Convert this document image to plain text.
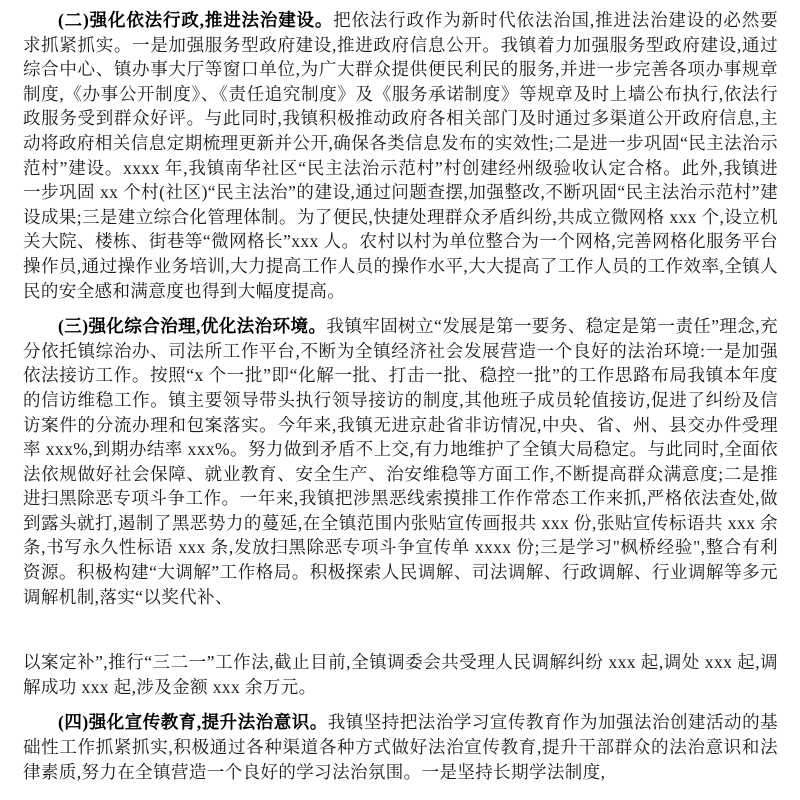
(二)强化依法行政,推进法治建设。把依法行政作为新时代依法治国,推进法治建设的必然要求抓紧抓实。一是加强服务型政府建设,推进政府信息公开。我镇着力加强服务型政府建设,通过综合中心、镇办事大厅等窗口单位,为广大群众提供便民利民的服务,并进一步完善各项办事规章制度,《办事公开制度》、《责任追究制度》及《服务承诺制度》等规章及时上墙公布执行,依法行政服务受到群众好评。与此同时,我镇积极推动政府各相关部门及时通过多渠道公开政府信息,主动将政府相关信息定期梳理更新并公开,确保各类信息发布的实效性;二是进一步巩固“民主法治示范村”建设。xxxx 年,我镇南华社区“民主法治示范村”村创建经州级验收认定合格。此外,我镇进一步巩固 xx 个村(社区)“民主法治”的建设,通过问题查摆,加强整改,不断巩固“民主法治示范村”建设成果;三是建立综合化管理体制。为了便民,快捷处理群众矛盾纠纷,共成立微网格 xxx 个,设立机关大院、楼栋、街巷等“微网格长”xxx 人。农村以村为单位整合为一个网格,完善网格化服务平台操作员,通过操作业务培训,大力提高工作人员的操作水平,大大提高了工作人员的工作效率,全镇人民的安全感和满意度也得到大幅度提高。

(三)强化综合治理,优化法治环境。我镇牢固树立“发展是第一要务、稳定是第一责任”理念,充分依托镇综治办、司法所工作平台,不断为全镇经济社会发展营造一个良好的法治环境:一是加强依法接访工作。按照“x 个一批”即“化解一批、打击一批、稳控一批”的工作思路布局我镇本年度的信访维稳工作。镇主要领导带头执行领导接访的制度,其他班子成员轮值接访,促进了纠纷及信访案件的分流办理和包案落实。今年来,我镇无进京赴省非访情况,中央、省、州、县交办件受理率 xxx%,到期办结率 xxx%。努力做到矛盾不上交,有力地维护了全镇大局稳定。与此同时,全面依法依规做好社会保障、就业教育、安全生产、治安维稳等方面工作,不断提高群众满意度;二是推进扫黑除恶专项斗争工作。一年来,我镇把涉黑恶线索摸排工作作常态工作来抓,严格依法查处,做到露头就打,遏制了黑恶势力的蔓延,在全镇范围内张贴宣传画报共 xxx 份,张贴宣传标语共 xxx 余条,书写永久性标语 xxx 条,发放扫黑除恶专项斗争宣传单 xxxx 份;三是学习"枫桥经验",整合有利资源。积极构建“大调解”工作格局。积极探索人民调解、司法调解、行政调解、行业调解等多元调解机制,落实“以奖代补、

以案定补”,推行“三二一”工作法,截止目前,全镇调委会共受理人民调解纠纷 xxx 起,调处 xxx 起,调解成功 xxx 起,涉及金额 xxx 余万元。

(四)强化宣传教育,提升法治意识。我镇坚持把法治学习宣传教育作为加强法治创建活动的基础性工作抓紧抓实,积极通过各种渠道各种方式做好法治宣传教育,提升干部群众的法治意识和法律素质,努力在全镇营造一个良好的学习法治氛围。一是坚持长期学法制度,
